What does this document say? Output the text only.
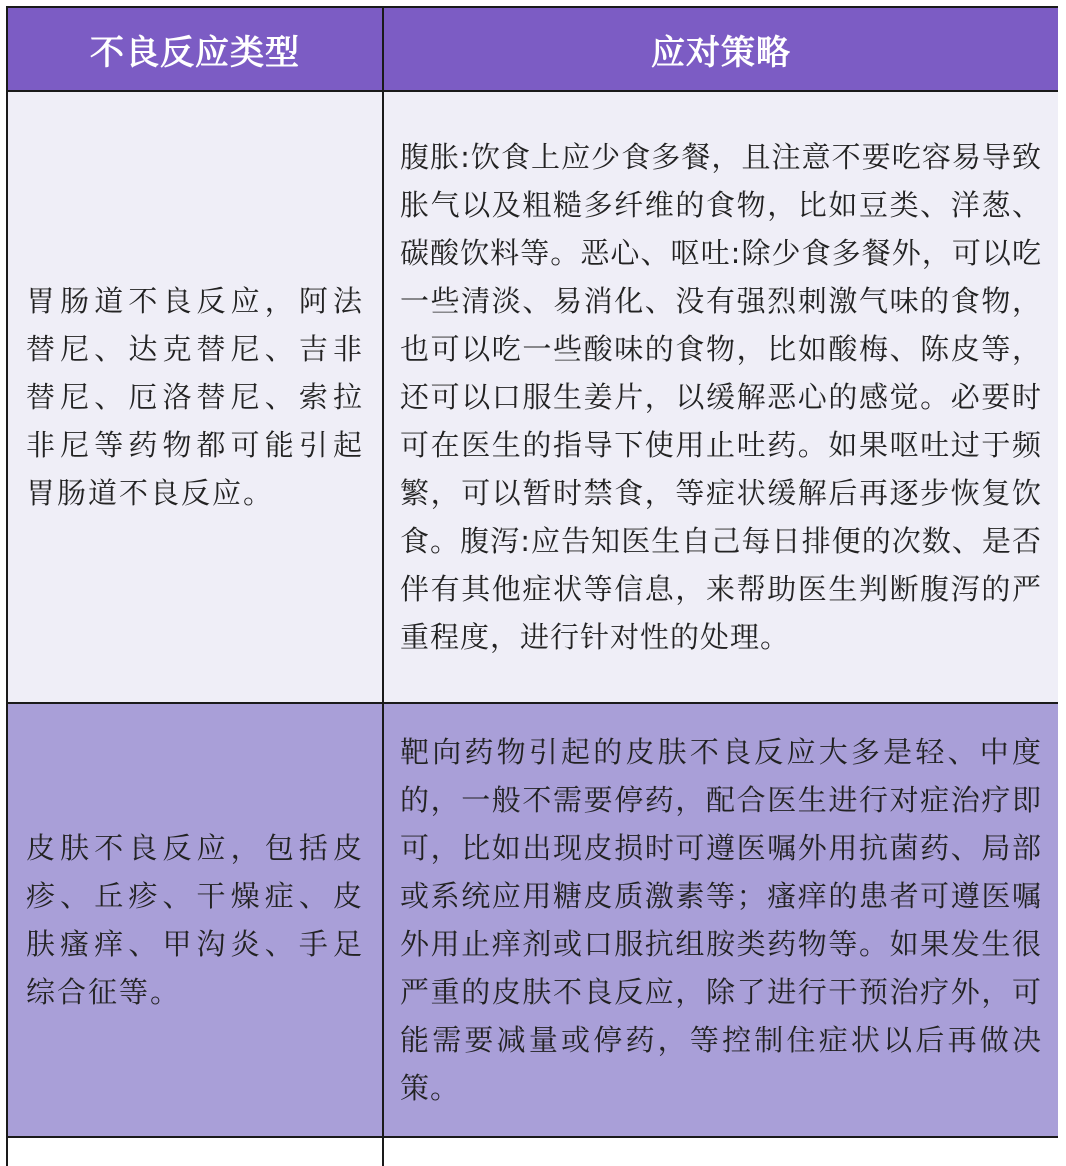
不良反应类型	应对策略
胃肠道不良反应，阿法替尼、达克替尼、吉非替尼、厄洛替尼、索拉非尼等药物都可能引起胃肠道不良反应。	腹胀:饮食上应少食多餐，且注意不要吃容易导致胀气以及粗糙多纤维的食物，比如豆类、洋葱、碳酸饮料等。恶心、呕吐:除少食多餐外，可以吃一些清淡、易消化、没有强烈刺激气味的食物，也可以吃一些酸味的食物，比如酸梅、陈皮等，还可以口服生姜片，以缓解恶心的感觉。必要时可在医生的指导下使用止吐药。如果呕吐过于频繁，可以暂时禁食，等症状缓解后再逐步恢复饮食。腹泻:应告知医生自己每日排便的次数、是否伴有其他症状等信息，来帮助医生判断腹泻的严重程度，进行针对性的处理。
皮肤不良反应，包括皮疹、丘疹、干燥症、皮肤瘙痒、甲沟炎、手足综合征等。	靶向药物引起的皮肤不良反应大多是轻、中度的，一般不需要停药，配合医生进行对症治疗即可，比如出现皮损时可遵医嘱外用抗菌药、局部或系统应用糖皮质激素等；瘙痒的患者可遵医嘱外用止痒剂或口服抗组胺类药物等。如果发生很严重的皮肤不良反应，除了进行干预治疗外，可能需要减量或停药，等控制住症状以后再做决策。
